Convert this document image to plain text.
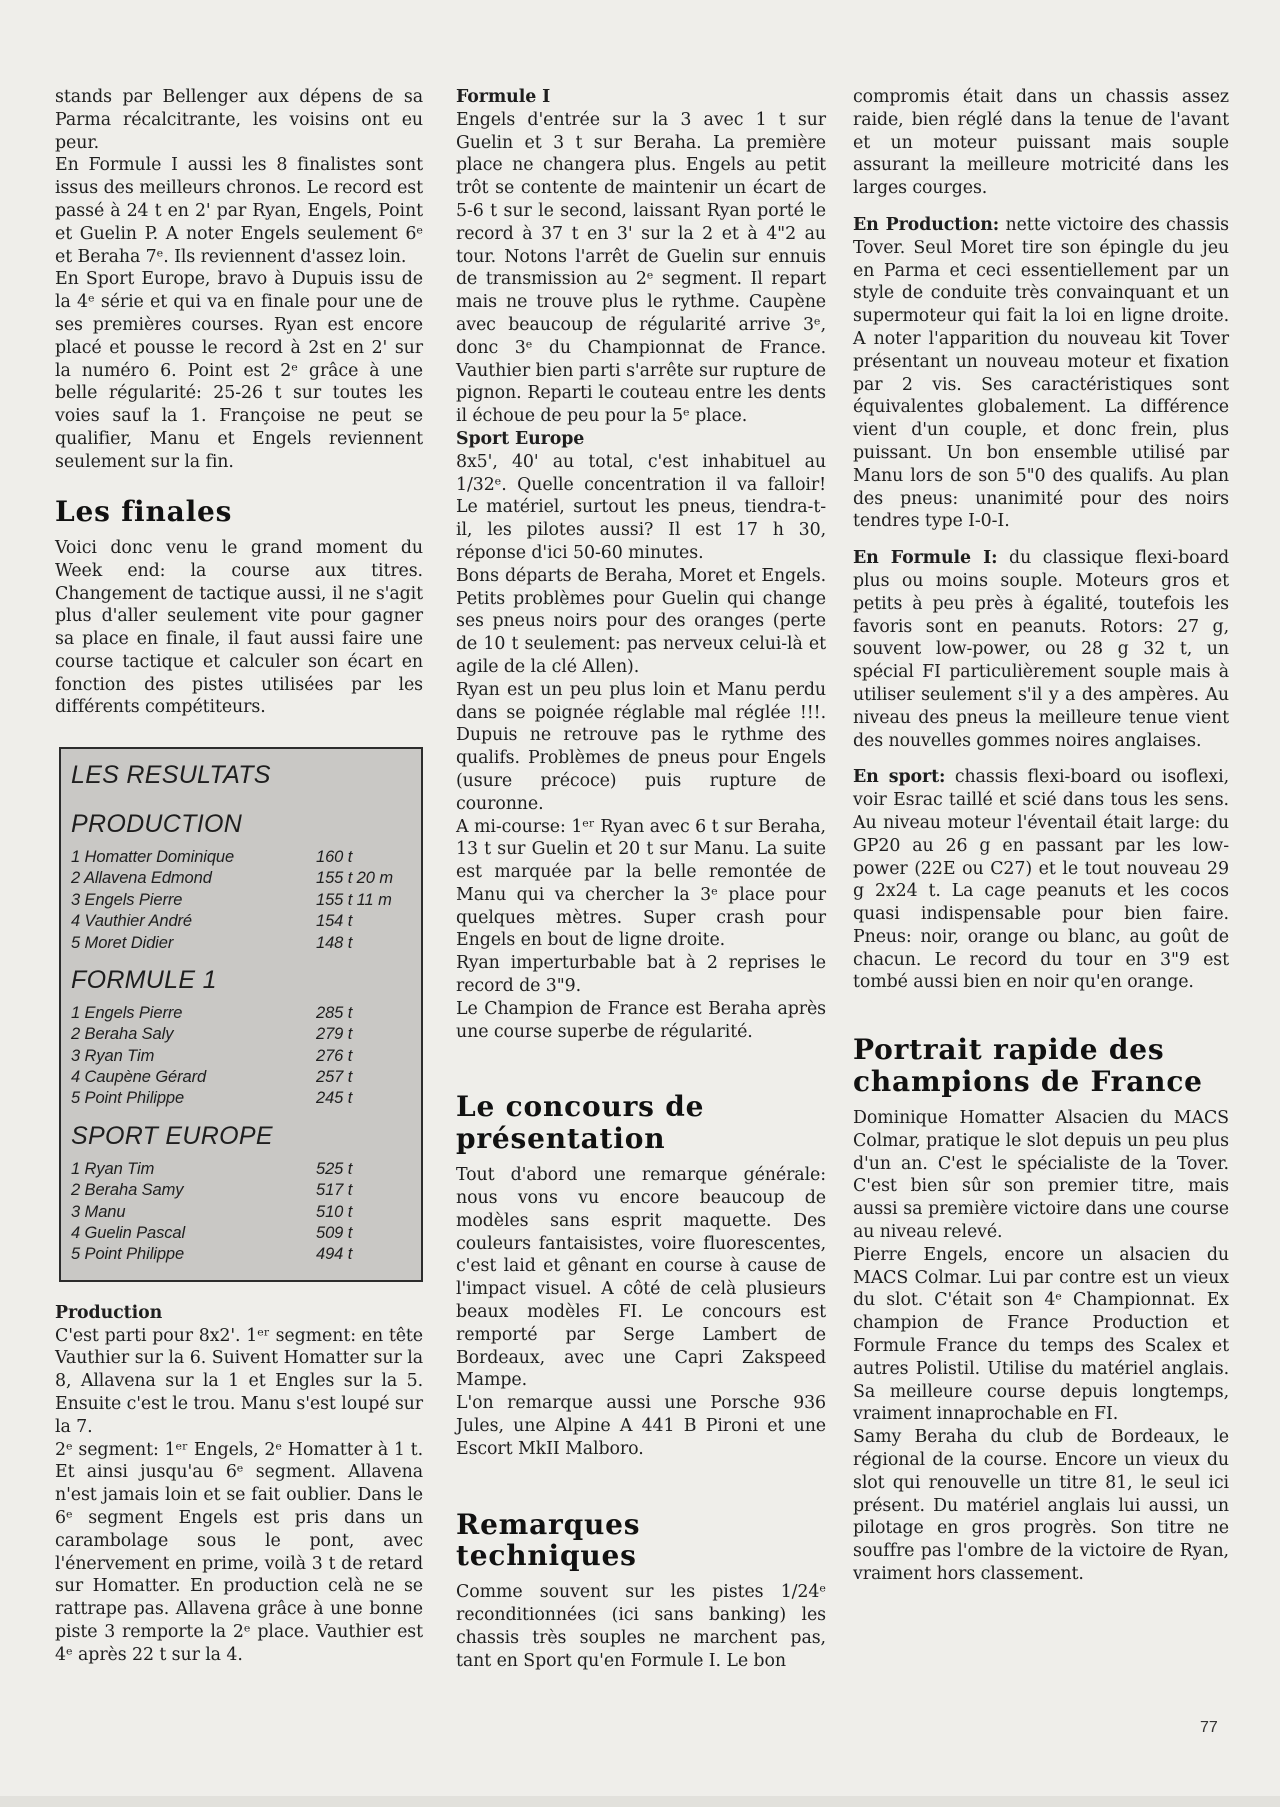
stands par Bellenger aux dépens de sa Parma récalcitrante, les voisins ont eu peur.

En Formule I aussi les 8 finalistes sont issus des meilleurs chronos. Le record est passé à 24 t en 2' par Ryan, Engels, Point et Guelin P. A noter Engels seulement 6ᵉ et Beraha 7ᵉ. Ils reviennent d'assez loin.

En Sport Europe, bravo à Dupuis issu de la 4ᵉ série et qui va en finale pour une de ses premières courses. Ryan est encore placé et pousse le record à 2st en 2' sur la numéro 6. Point est 2ᵉ grâce à une belle régularité: 25-26 t sur toutes les voies sauf la 1. Françoise ne peut se qualifier, Manu et Engels reviennent seulement sur la fin.

Les finales

Voici donc venu le grand moment du Week end: la course aux titres. Changement de tactique aussi, il ne s'agit plus d'aller seulement vite pour gagner sa place en finale, il faut aussi faire une course tactique et calculer son écart en fonction des pistes utilisées par les différents compétiteurs.

LES RESULTATS
PRODUCTION
1 Homatter Dominique	160 t
2 Allavena Edmond	155 t 20 m
3 Engels Pierre	155 t 11 m
4 Vauthier André	154 t
5 Moret Didier	148 t
FORMULE 1
1 Engels Pierre	285 t
2 Beraha Saly	279 t
3 Ryan Tim	276 t
4 Caupène Gérard	257 t
5 Point Philippe	245 t
SPORT EUROPE
1 Ryan Tim	525 t
2 Beraha Samy	517 t
3 Manu	510 t
4 Guelin Pascal	509 t
5 Point Philippe	494 t
Production

C'est parti pour 8x2'. 1ᵉʳ segment: en tête Vauthier sur la 6. Suivent Homatter sur la 8, Allavena sur la 1 et Engles sur la 5. Ensuite c'est le trou. Manu s'est loupé sur la 7.

2ᵉ segment: 1ᵉʳ Engels, 2ᵉ Homatter à 1 t. Et ainsi jusqu'au 6ᵉ segment. Allavena n'est jamais loin et se fait oublier. Dans le 6ᵉ segment Engels est pris dans un carambolage sous le pont, avec l'énervement en prime, voilà 3 t de retard sur Homatter. En production celà ne se rattrape pas. Allavena grâce à une bonne piste 3 remporte la 2ᵉ place. Vauthier est 4ᵉ après 22 t sur la 4.

Formule I

Engels d'entrée sur la 3 avec 1 t sur Guelin et 3 t sur Beraha. La première place ne changera plus. Engels au petit trôt se contente de maintenir un écart de 5-6 t sur le second, laissant Ryan porté le record à 37 t en 3' sur la 2 et à 4"2 au tour. Notons l'arrêt de Guelin sur ennuis de transmission au 2ᵉ segment. Il repart mais ne trouve plus le rythme. Caupène avec beaucoup de régularité arrive 3ᵉ, donc 3ᵉ du Championnat de France. Vauthier bien parti s'arrête sur rupture de pignon. Reparti le couteau entre les dents il échoue de peu pour la 5ᵉ place.

Sport Europe

8x5', 40' au total, c'est inhabituel au 1/32ᵉ. Quelle concentration il va falloir! Le matériel, surtout les pneus, tiendra-t-il, les pilotes aussi? Il est 17 h 30, réponse d'ici 50-60 minutes.

Bons départs de Beraha, Moret et Engels. Petits problèmes pour Guelin qui change ses pneus noirs pour des oranges (perte de 10 t seulement: pas nerveux celui-là et agile de la clé Allen).

Ryan est un peu plus loin et Manu perdu dans se poignée réglable mal réglée !!!. Dupuis ne retrouve pas le rythme des qualifs. Problèmes de pneus pour Engels (usure précoce) puis rupture de couronne.

A mi-course: 1ᵉʳ Ryan avec 6 t sur Beraha, 13 t sur Guelin et 20 t sur Manu. La suite est marquée par la belle remontée de Manu qui va chercher la 3ᵉ place pour quelques mètres. Super crash pour Engels en bout de ligne droite.

Ryan imperturbable bat à 2 reprises le record de 3"9.

Le Champion de France est Beraha après une course superbe de régularité.

Le concours de présentation

Tout d'abord une remarque générale: nous vons vu encore beaucoup de modèles sans esprit maquette. Des couleurs fantaisistes, voire fluorescentes, c'est laid et gênant en course à cause de l'impact visuel. A côté de celà plusieurs beaux modèles FI. Le concours est remporté par Serge Lambert de Bordeaux, avec une Capri Zakspeed Mampe.

L'on remarque aussi une Porsche 936 Jules, une Alpine A 441 B Pironi et une Escort MkII Malboro.

Remarques techniques

Comme souvent sur les pistes 1/24ᵉ reconditionnées (ici sans banking) les chassis très souples ne marchent pas, tant en Sport qu'en Formule I. Le bon

compromis était dans un chassis assez raide, bien réglé dans la tenue de l'avant et un moteur puissant mais souple assurant la meilleure motricité dans les larges courges.

En Production: nette victoire des chassis Tover. Seul Moret tire son épingle du jeu en Parma et ceci essentiellement par un style de conduite très convainquant et un supermoteur qui fait la loi en ligne droite. A noter l'apparition du nouveau kit Tover présentant un nouveau moteur et fixation par 2 vis. Ses caractéristiques sont équivalentes globalement. La différence vient d'un couple, et donc frein, plus puissant. Un bon ensemble utilisé par Manu lors de son 5"0 des qualifs. Au plan des pneus: unanimité pour des noirs tendres type I-0-I.

En Formule I: du classique flexi-board plus ou moins souple. Moteurs gros et petits à peu près à égalité, toutefois les favoris sont en peanuts. Rotors: 27 g, souvent low-power, ou 28 g 32 t, un spécial FI particulièrement souple mais à utiliser seulement s'il y a des ampères. Au niveau des pneus la meilleure tenue vient des nouvelles gommes noires anglaises.

En sport: chassis flexi-board ou isoflexi, voir Esrac taillé et scié dans tous les sens. Au niveau moteur l'éventail était large: du GP20 au 26 g en passant par les low-power (22E ou C27) et le tout nouveau 29 g 2x24 t. La cage peanuts et les cocos quasi indispensable pour bien faire. Pneus: noir, orange ou blanc, au goût de chacun. Le record du tour en 3"9 est tombé aussi bien en noir qu'en orange.

Portrait rapide des champions de France

Dominique Homatter Alsacien du MACS Colmar, pratique le slot depuis un peu plus d'un an. C'est le spécialiste de la Tover. C'est bien sûr son premier titre, mais aussi sa première victoire dans une course au niveau relevé.

Pierre Engels, encore un alsacien du MACS Colmar. Lui par contre est un vieux du slot. C'était son 4ᵉ Championnat. Ex champion de France Production et Formule France du temps des Scalex et autres Polistil. Utilise du matériel anglais. Sa meilleure course depuis longtemps, vraiment innaprochable en FI.

Samy Beraha du club de Bordeaux, le régional de la course. Encore un vieux du slot qui renouvelle un titre 81, le seul ici présent. Du matériel anglais lui aussi, un pilotage en gros progrès. Son titre ne souffre pas l'ombre de la victoire de Ryan, vraiment hors classement.

77
